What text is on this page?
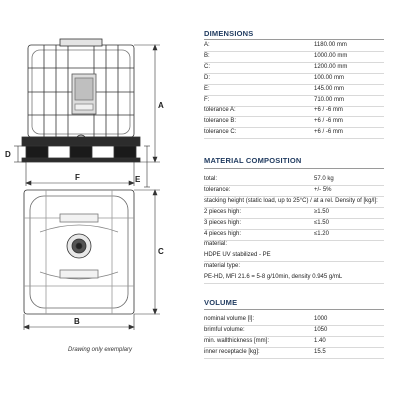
A
D
E
F
C
B
Drawing only exemplary
DIMENSIONS
A:	1180.00 mm
B:	1000.00 mm
C:	1200.00 mm
D:	100.00 mm
E:	145.00 mm
F:	710.00 mm
tolerance A:	+6 / -6 mm
tolerance B:	+6 / -6 mm
tolerance C:	+6 / -6 mm
MATERIAL COMPOSITION
total:	57.0 kg
tolerance:	+/- 5%
stacking height (static load, up to 25°C) / at a rel. Density of [kg/l]:
2 pieces high:	≥1.50
3 pieces high:	≤1.50
4 pieces high:	≤1.20
material:
HDPE UV stabilized - PE
material type:
PE-HD, MFI 21.6 = 5-8 g/10min, density 0.945 g/mL
VOLUME
nominal volume [l]:	1000
brimful volume:	1050
min. wallthickness [mm]:	1.40
inner receptacle [kg]:	15.5
